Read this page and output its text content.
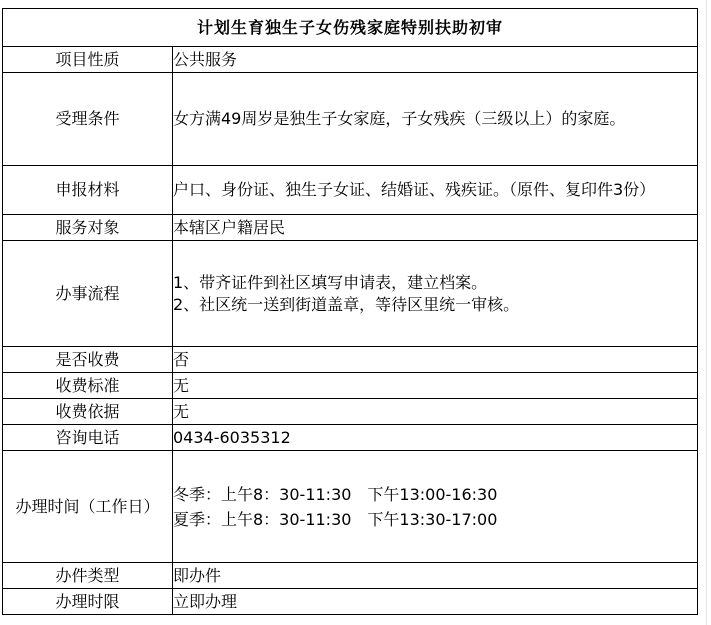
计划生育独生子女伤残家庭特别扶助初审	
项目性质	公共服务
受理条件	女方满49周岁是独生子女家庭，子女残疾（三级以上）的家庭。
申报材料	户口、身份证、独生子女证、结婚证、残疾证。（原件、复印件3份）
服务对象	本辖区户籍居民
办事流程	1、带齐证件到社区填写申请表，建立档案。
2、社区统一送到街道盖章，等待区里统一审核。

是否收费	否
收费标准	无
收费依据	无
咨询电话	0434-6035312

办理时间（工作日）	冬季：上午8：30-11:30　下午13:00-16:30
夏季：上午8：30-11:30　下午13:30-17:00

办件类型	即办件
办理时限	立即办理
